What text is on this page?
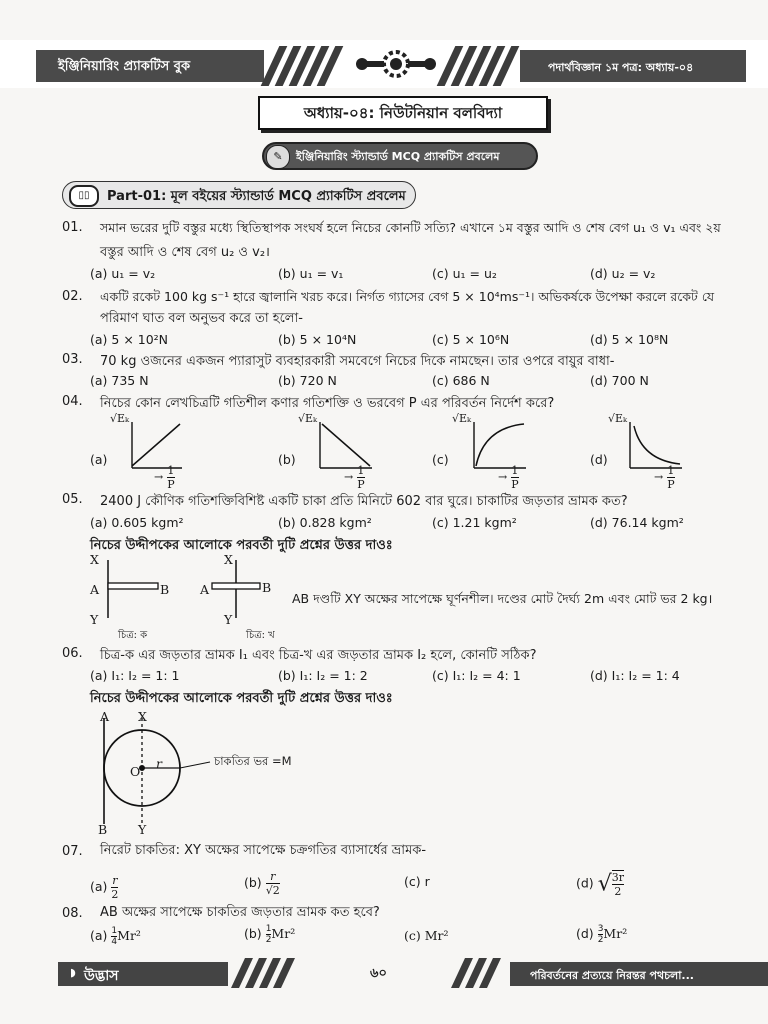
ইঞ্জিনিয়ারিং প্র্যাকটিস বুক	পদার্থবিজ্ঞান ১ম পত্র: অধ্যায়-০৪
অধ্যায়-০৪: নিউটনিয়ান বলবিদ্যা
✎	ইঞ্জিনিয়ারিং স্ট্যান্ডার্ড MCQ প্র্যাকটিস প্রবলেম
▯▯	Part-01: মূল বইয়ের স্ট্যান্ডার্ড MCQ প্র্যাকটিস প্রবলেম
01. সমান ভরের দুটি বস্তুর মধ্যে স্থিতিস্থাপক সংঘর্ষ হলে নিচের কোনটি সত্যি? এখানে ১ম বস্তুর আদি ও শেষ বেগ u₁ ও v₁ এবং ২য়
বস্তুর আদি ও শেষ বেগ u₂ ও v₂।
(a) u₁ = v₂	(b) u₁ = v₁	(c) u₁ = u₂	(d) u₂ = v₂
02. একটি রকেট 100 kg s⁻¹ হারে জ্বালানি খরচ করে। নির্গত গ্যাসের বেগ 5 × 10⁴ms⁻¹। অভিকর্ষকে উপেক্ষা করলে রকেট যে
পরিমাণ ঘাত বল অনুভব করে তা হলো-
(a) 5 × 10²N	(b) 5 × 10⁴N	(c) 5 × 10⁶N	(d) 5 × 10⁸N
03. 70 kg ওজনের একজন প্যারাসুট ব্যবহারকারী সমবেগে নিচের দিকে নামছেন। তার ওপরে বায়ুর বাধা-
(a) 735 N	(b) 720 N	(c) 686 N	(d) 700 N
04. নিচের কোন লেখচিত্রটি গতিশীল কণার গতিশক্তি ও ভরবেগ P এর পরিবর্তন নির্দেশ করে?
(a)	(b)	(c)	(d)
√Eₖ	√Eₖ	√Eₖ	√Eₖ
→ $\frac{1}{P}$	→ $\frac{1}{P}$	→ $\frac{1}{P}$	→ $\frac{1}{P}$
05. 2400 J কৌণিক গতিশক্তিবিশিষ্ট একটি চাকা প্রতি মিনিটে 602 বার ঘুরে। চাকাটির জড়তার ভ্রামক কত?
(a) 0.605 kgm²	(b) 0.828 kgm²	(c) 1.21 kgm²	(d) 76.14 kgm²
নিচের উদ্দীপকের আলোকে পরবর্তী দুটি প্রশ্নের উত্তর দাওঃ
X
A	B
Y
চিত্র: ক
X
A	B
Y
চিত্র: খ
AB দণ্ডটি XY অক্ষের সাপেক্ষে ঘূর্ণনশীল। দণ্ডের মোট দৈর্ঘ্য 2m এবং মোট ভর 2 kg।
06. চিত্র-ক এর জড়তার ভ্রামক I₁ এবং চিত্র-খ এর জড়তার ভ্রামক I₂ হলে, কোনটি সঠিক?
(a) I₁: I₂ = 1: 1	(b) I₁: I₂ = 1: 2	(c) I₁: I₂ = 4: 1	(d) I₁: I₂ = 1: 4
নিচের উদ্দীপকের আলোকে পরবর্তী দুটি প্রশ্নের উত্তর দাওঃ
A X
O
r	চাকতির ভর =M
B Y
07. নিরেট চাকতির: XY অক্ষের সাপেক্ষে চক্রগতির ব্যাসার্ধের ভ্রামক-
$(a) \frac{r}{2}$	$(b) \frac{r}{√2}$	(c) r	(d) √ $\frac{3r}{2}$
08. AB অক্ষের সাপেক্ষে চাকতির জড়তার ভ্রামক কত হবে?
$(a) \frac{1}{4} Mr^2$	$(b) \frac{1}{2} Mr^2$	(c) Mr²	$(d) \frac{3}{2} Mr^2$
◗ উদ্ভাস	৬০	পরিবর্তনের প্রত্যয়ে নিরন্তর পথচলা...
